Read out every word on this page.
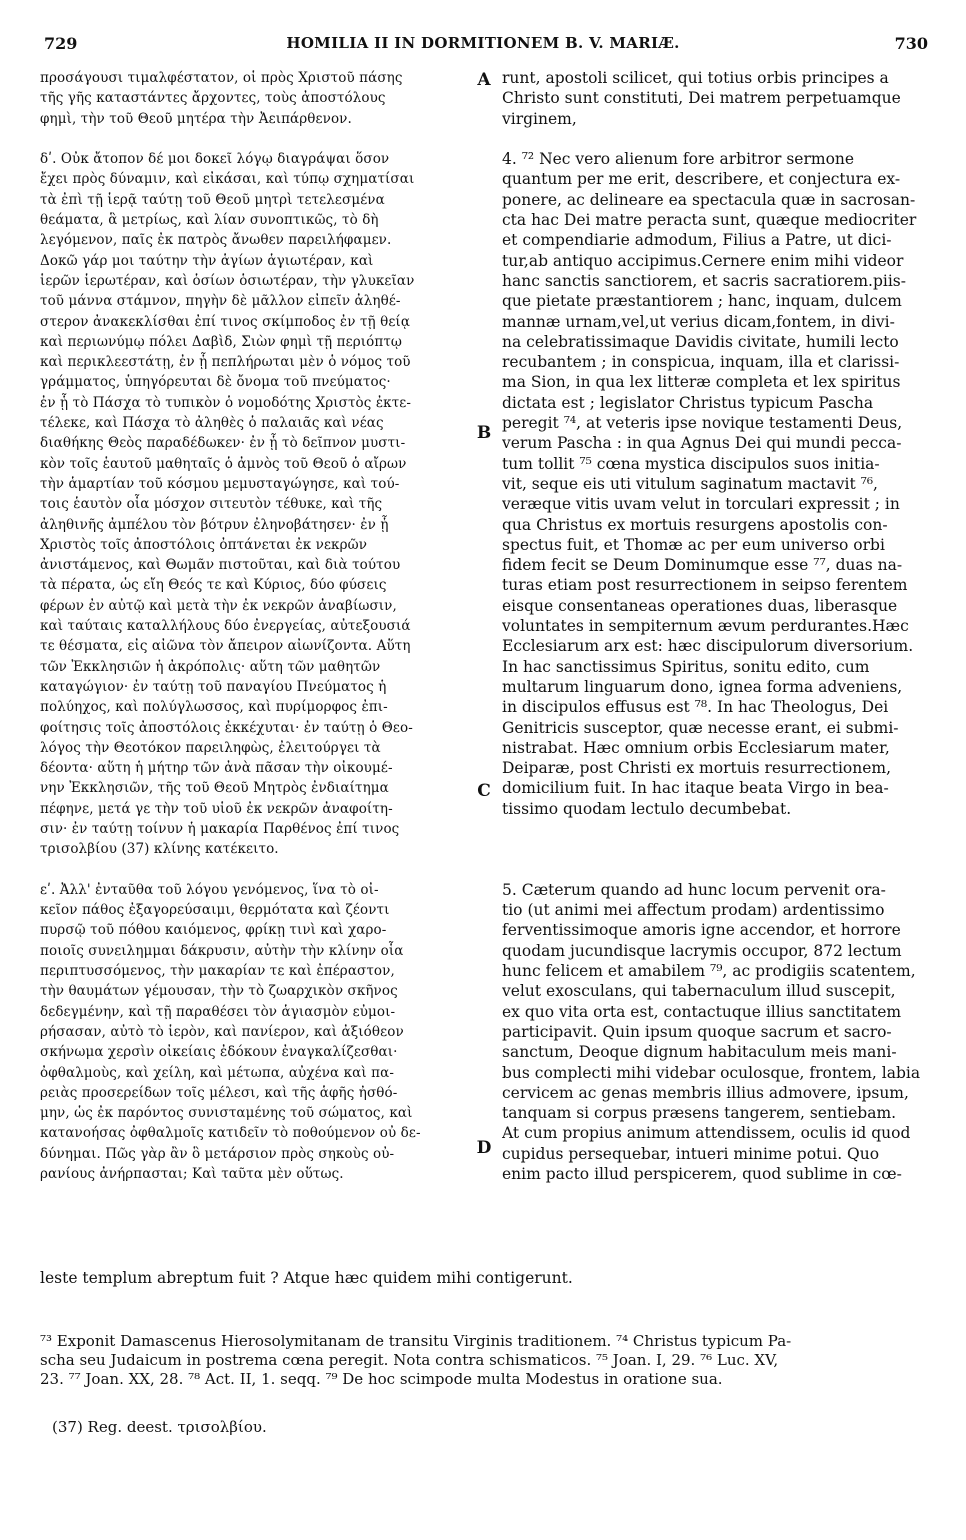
729	HOMILIA II IN DORMITIONEM B. V. MARIÆ.	730
προσάγουσι τιμαλφέστατον, οἱ πρὸς Χριστοῦ πάσης
τῆς γῆς καταστάντες ἄρχοντες, τοὺς ἀποστόλους
φημὶ, τὴν τοῦ Θεοῦ μητέρα τὴν Ἀειπάρθενον.

δʹ. Οὐκ ἄτοπον δέ μοι δοκεῖ λόγῳ διαγράψαι ὅσον
ἔχει πρὸς δύναμιν, καὶ εἰκάσαι, καὶ τύπῳ σχηματίσαι
τὰ ἐπὶ τῇ ἱερᾷ ταύτῃ τοῦ Θεοῦ μητρὶ τετελεσμένα
θεάματα, ἃ μετρίως, καὶ λίαν συνοπτικῶς, τὸ δὴ
λεγόμενον, παῖς ἐκ πατρὸς ἄνωθεν παρειλήφαμεν.
Δοκῶ γάρ μοι ταύτην τὴν ἁγίων ἁγιωτέραν, καὶ
ἱερῶν ἱερωτέραν, καὶ ὁσίων ὁσιωτέραν, τὴν γλυκεῖαν
τοῦ μάννα στάμνον, πηγὴν δὲ μᾶλλον εἰπεῖν ἀληθέ-
στερον ἀνακεκλίσθαι ἐπί τινος σκίμποδος ἐν τῇ θείᾳ
καὶ περιωνύμῳ πόλει Δαβὶδ, Σιὼν φημὶ τῇ περιόπτῳ
καὶ περικλεεστάτῃ, ἐν ᾗ πεπλήρωται μὲν ὁ νόμος τοῦ
γράμματος, ὑπηγόρευται δὲ ὄνομα τοῦ πνεύματος·
ἐν ᾗ τὸ Πάσχα τὸ τυπικὸν ὁ νομοδότης Χριστὸς ἐκτε-
τέλεκε, καὶ Πάσχα τὸ ἀληθὲς ὁ παλαιᾶς καὶ νέας
διαθήκης Θεὸς παραδέδωκεν· ἐν ᾗ τὸ δεῖπνον μυστι-
κὸν τοῖς ἑαυτοῦ μαθηταῖς ὁ ἀμνὸς τοῦ Θεοῦ ὁ αἴρων
τὴν ἁμαρτίαν τοῦ κόσμου μεμυσταγώγησε, καὶ τού-
τοις ἑαυτὸν οἷα μόσχον σιτευτὸν τέθυκε, καὶ τῆς
ἀληθινῆς ἀμπέλου τὸν βότρυν ἐληνοβάτησεν· ἐν ᾗ
Χριστὸς τοῖς ἀποστόλοις ὀπτάνεται ἐκ νεκρῶν
ἀνιστάμενος, καὶ Θωμᾶν πιστοῦται, καὶ διὰ τούτου
τὰ πέρατα, ὡς εἴη Θεός τε καὶ Κύριος, δύο φύσεις
φέρων ἐν αὐτῷ καὶ μετὰ τὴν ἐκ νεκρῶν ἀναβίωσιν,
καὶ ταύταις καταλλήλους δύο ἐνεργείας, αὐτεξουσιά
τε θέσματα, εἰς αἰῶνα τὸν ἄπειρον αἰωνίζοντα. Αὕτη
τῶν Ἐκκλησιῶν ἡ ἀκρόπολις· αὕτη τῶν μαθητῶν
καταγώγιον· ἐν ταύτῃ τοῦ παναγίου Πνεύματος ἡ
πολύηχος, καὶ πολύγλωσσος, καὶ πυρίμορφος ἐπι-
φοίτησις τοῖς ἀποστόλοις ἐκκέχυται· ἐν ταύτῃ ὁ Θεο-
λόγος τὴν Θεοτόκον παρειληφὼς, ἐλειτούργει τὰ
δέοντα· αὕτη ἡ μήτηρ τῶν ἀνὰ πᾶσαν τὴν οἰκουμέ-
νην Ἐκκλησιῶν, τῆς τοῦ Θεοῦ Μητρὸς ἐνδιαίτημα
πέφηνε, μετά γε τὴν τοῦ υἱοῦ ἐκ νεκρῶν ἀναφοίτη-
σιν· ἐν ταύτῃ τοίνυν ἡ μακαρία Παρθένος ἐπί τινος
τρισολβίου (37) κλίνης κατέκειτο.

εʹ. Ἀλλ' ἐνταῦθα τοῦ λόγου γενόμενος, ἵνα τὸ οἰ-
κεῖον πάθος ἐξαγορεύσαιμι, θερμότατα καὶ ζέοντι
πυρσῷ τοῦ πόθου καιόμενος, φρίκῃ τινὶ καὶ χαρο-
ποιοῖς συνειλημμαι δάκρυσιν, αὐτὴν τὴν κλίνην οἷα
περιπτυσσόμενος, τὴν μακαρίαν τε καὶ ἐπέραστον,
τὴν θαυμάτων γέμουσαν, τὴν τὸ ζωαρχικὸν σκῆνος
δεδεγμένην, καὶ τῇ παραθέσει τὸν ἁγιασμὸν εὐμοι-
ρήσασαν, αὐτὸ τὸ ἱερὸν, καὶ πανίερον, καὶ ἀξιόθεον
σκήνωμα χερσὶν οἰκείαις ἐδόκουν ἐναγκαλίζεσθαι·
ὀφθαλμοὺς, καὶ χείλη, καὶ μέτωπα, αὐχένα καὶ πα-
ρειὰς προσερείδων τοῖς μέλεσι, καὶ τῆς ἁφῆς ἠσθό-
μην, ὡς ἐκ παρόντος συνισταμένης τοῦ σώματος, καὶ
κατανοήσας ὀφθαλμοῖς κατιδεῖν τὸ ποθούμενον οὐ δε-
δύνημαι. Πῶς γὰρ ἂν ὃ μετάρσιον πρὸς σηκοὺς οὐ-
ρανίους ἀνήρπασται; Καὶ ταῦτα μὲν οὕτως.
runt, apostoli scilicet, qui totius orbis principes a
Christo sunt constituti, Dei matrem perpetuamque
virginem,

4. ⁷² Nec vero alienum fore arbitror sermone
quantum per me erit, describere, et conjectura ex-
ponere, ac delineare ea spectacula quæ in sacrosan-
cta hac Dei matre peracta sunt, quæque mediocriter
et compendiarie admodum, Filius a Patre, ut dici-
tur,ab antiquo accipimus.Cernere enim mihi videor
hanc sanctis sanctiorem, et sacris sacratiorem.piis-
que pietate præstantiorem ; hanc, inquam, dulcem
mannæ urnam,vel,ut verius dicam,fontem, in divi-
na celebratissimaque Davidis civitate, humili lecto
recubantem ; in conspicua, inquam, illa et clarissi-
ma Sion, in qua lex litteræ completa et lex spiritus
dictata est ; legislator Christus typicum Pascha
peregit ⁷⁴, at veteris ipse novique testamenti Deus,
verum Pascha : in qua Agnus Dei qui mundi pecca-
tum tollit ⁷⁵ cœna mystica discipulos suos initia-
vit, seque eis uti vitulum saginatum mactavit ⁷⁶,
veræque vitis uvam velut in torculari expressit ; in
qua Christus ex mortuis resurgens apostolis con-
spectus fuit, et Thomæ ac per eum universo orbi
fidem fecit se Deum Dominumque esse ⁷⁷, duas na-
turas etiam post resurrectionem in seipso ferentem
eisque consentaneas operationes duas, liberasque
voluntates in sempiternum ævum perdurantes.Hæc
Ecclesiarum arx est: hæc discipulorum diversorium.
In hac sanctissimus Spiritus, sonitu edito, cum
multarum linguarum dono, ignea forma adveniens,
in discipulos effusus est ⁷⁸. In hac Theologus, Dei
Genitricis susceptor, quæ necesse erant, ei submi-
nistrabat. Hæc omnium orbis Ecclesiarum mater,
Deiparæ, post Christi ex mortuis resurrectionem,
domicilium fuit. In hac itaque beata Virgo in bea-
tissimo quodam lectulo decumbebat.

5. Cæterum quando ad hunc locum pervenit ora-
tio (ut animi mei affectum prodam) ardentissimo
ferventissimoque amoris igne accendor, et horrore
quodam jucundisque lacrymis occupor, 872 lectum
hunc felicem et amabilem ⁷⁹, ac prodigiis scatentem,
velut exosculans, qui tabernaculum illud suscepit,
ex quo vita orta est, contactuque illius sanctitatem
participavit. Quin ipsum quoque sacrum et sacro-
sanctum, Deoque dignum habitaculum meis mani-
bus complecti mihi videbar oculosque, frontem, labia
cervicem ac genas membris illius admovere, ipsum,
tanquam si corpus præsens tangerem, sentiebam.
At cum propius animum attendissem, oculis id quod
cupidus persequebar, intueri minime potui. Quo
enim pacto illud perspicerem, quod sublime in cœ-
A
B
C
D
leste templum abreptum fuit ? Atque hæc quidem mihi contigerunt.
⁷³ Exponit Damascenus Hierosolymitanam de transitu Virginis traditionem. ⁷⁴ Christus typicum Pa-
scha seu Judaicum in postrema cœna peregit. Nota contra schismaticos. ⁷⁵ Joan. I, 29. ⁷⁶ Luc. XV,
23. ⁷⁷ Joan. XX, 28. ⁷⁸ Act. II, 1. seqq. ⁷⁹ De hoc scimpode multa Modestus in oratione sua.
(37) Reg. deest. τρισολβίου.
